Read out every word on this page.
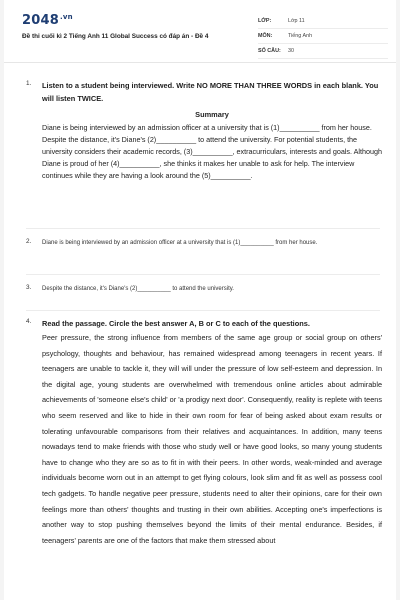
$2048^{.vn}$
Đề thi cuối kì 2 Tiếng Anh 11 Global Success có đáp án - Đề 4
LỚP:	Lớp 11
MÔN:	Tiếng Anh
SỐ CÂU:	30
1. Listen to a student being interviewed. Write NO MORE THAN THREE WORDS in each blank. You will listen TWICE.
Summary
Diane is being interviewed by an admission officer at a university that is (1)__________ from her house. Despite the distance, it's Diane's (2)__________ to attend the university. For potential students, the university considers their academic records, (3)__________, extracurriculars, interests and goals. Although Diane is proud of her (4)__________, she thinks it makes her unable to ask for help. The interview continues while they are having a look around the (5)__________.
2. Diane is being interviewed by an admission officer at a university that is (1)__________ from her house.
3. Despite the distance, it's Diane's (2)__________ to attend the university.
4. Read the passage. Circle the best answer A, B or C to each of the questions.
Peer pressure, the strong influence from members of the same age group or social group on others' psychology, thoughts and behaviour, has remained widespread among teenagers in recent years. If teenagers are unable to tackle it, they will will under the pressure of low self-esteem and depression. In the digital age, young students are overwhelmed with tremendous online articles about admirable achievements of 'someone else's child' or 'a prodigy next door'. Consequently, reality is replete with teens who seem reserved and like to hide in their own room for fear of being asked about exam results or tolerating unfavourable comparisons from their relatives and acquaintances. In addition, many teens nowadays tend to make friends with those who study well or have good looks, so many young students have to change who they are so as to fit in with their peers. In other words, weak-minded and average individuals become worn out in an attempt to get flying colours, look slim and fit as well as possess cool tech gadgets. To handle negative peer pressure, students need to alter their opinions, care for their own feelings more than others' thoughts and trusting in their own abilities. Accepting one's imperfections is another way to stop pushing themselves beyond the limits of their mental endurance. Besides, if teenagers' parents are one of the factors that make them stressed about
